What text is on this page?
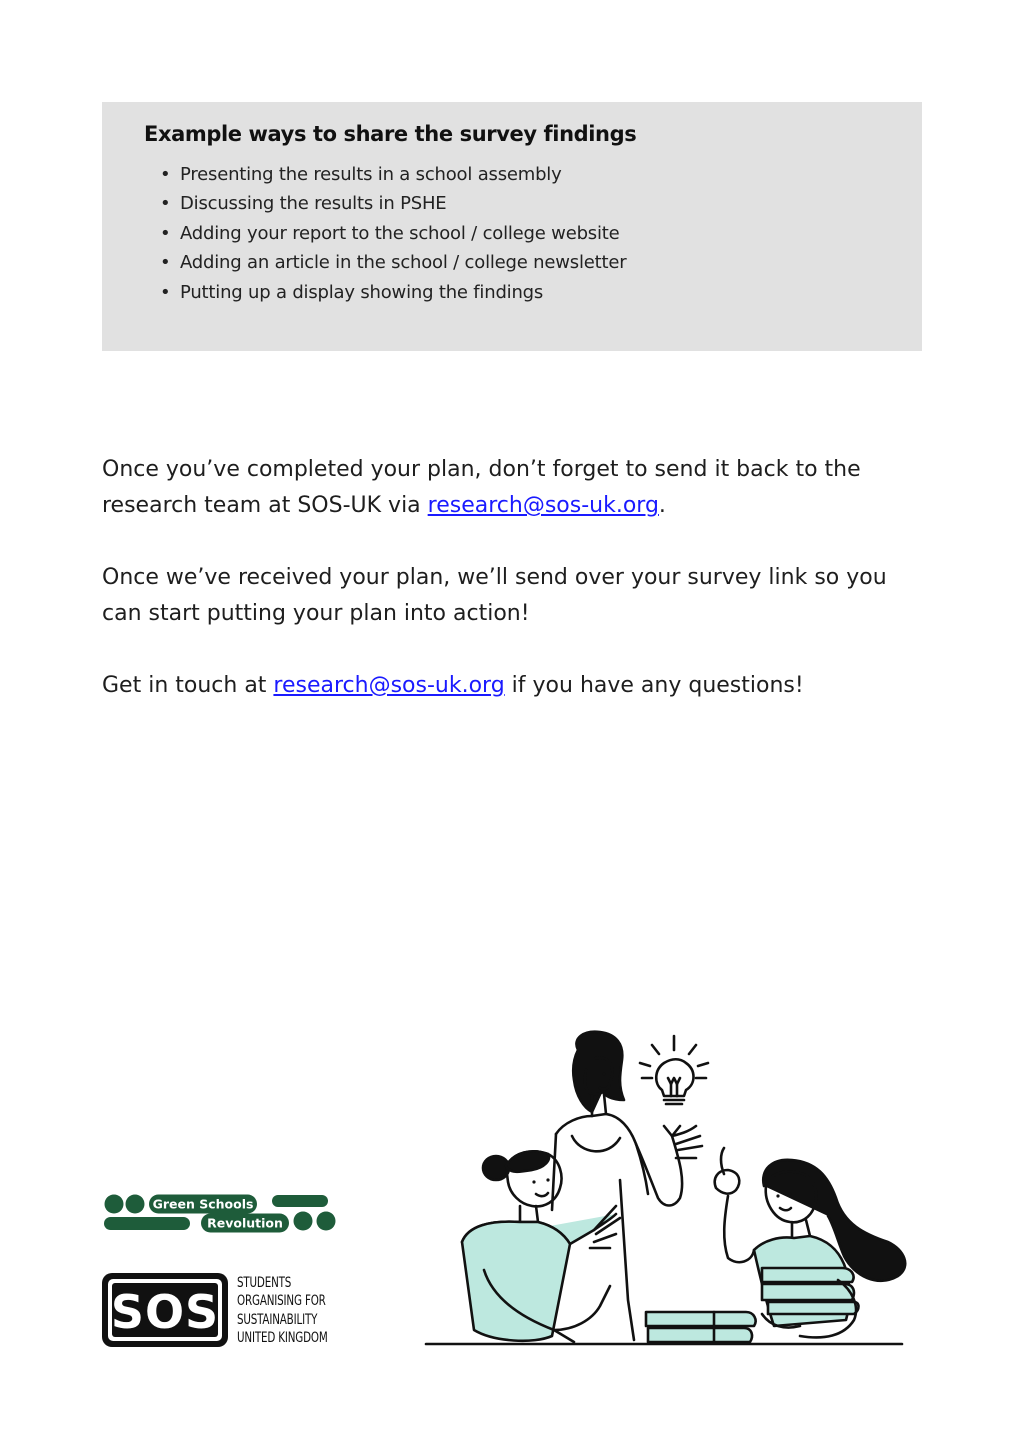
Example ways to share the survey findings
• Presenting the results in a school assembly
• Discussing the results in PSHE
• Adding your report to the school / college website
• Adding an article in the school / college newsletter
• Putting up a display showing the findings

Once you’ve completed your plan, don’t forget to send it back to the research team at SOS-UK via research@sos-uk.org.

Once we’ve received your plan, we’ll send over your survey link so you can start putting your plan into action!

Get in touch at research@sos-uk.org if you have any questions!

Green Schools
Revolution
SOS
STUDENTS
ORGANISING FOR
SUSTAINABILITY
UNITED KINGDOM
